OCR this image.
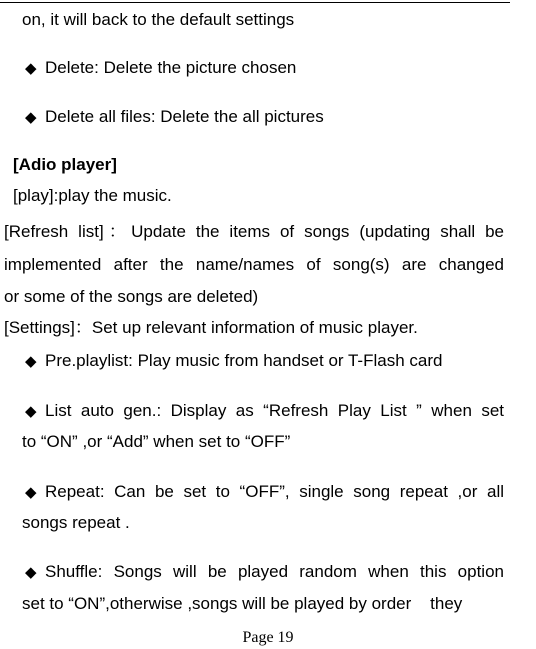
on, it will back to the default settings
◆ Delete: Delete the picture chosen
◆ Delete all files: Delete the all pictures
[Adio player]
[play]:play the music.
[Refresh list]：Update the items of songs (updating shall be
implemented after the name/names of song(s) are changed
or some of the songs are deleted)
[Settings]：Set up relevant information of music player.
◆ Pre.playlist: Play music from handset or T-Flash card
◆ List auto gen.: Display as “Refresh Play List ” when set
to “ON” ,or “Add” when set to “OFF”
◆ Repeat: Can be set to “OFF”, single song repeat ,or all
songs repeat .
◆ Shuffle: Songs will be played random when this option
set to “ON”,otherwise ,songs will be played by order    they
Page 19
